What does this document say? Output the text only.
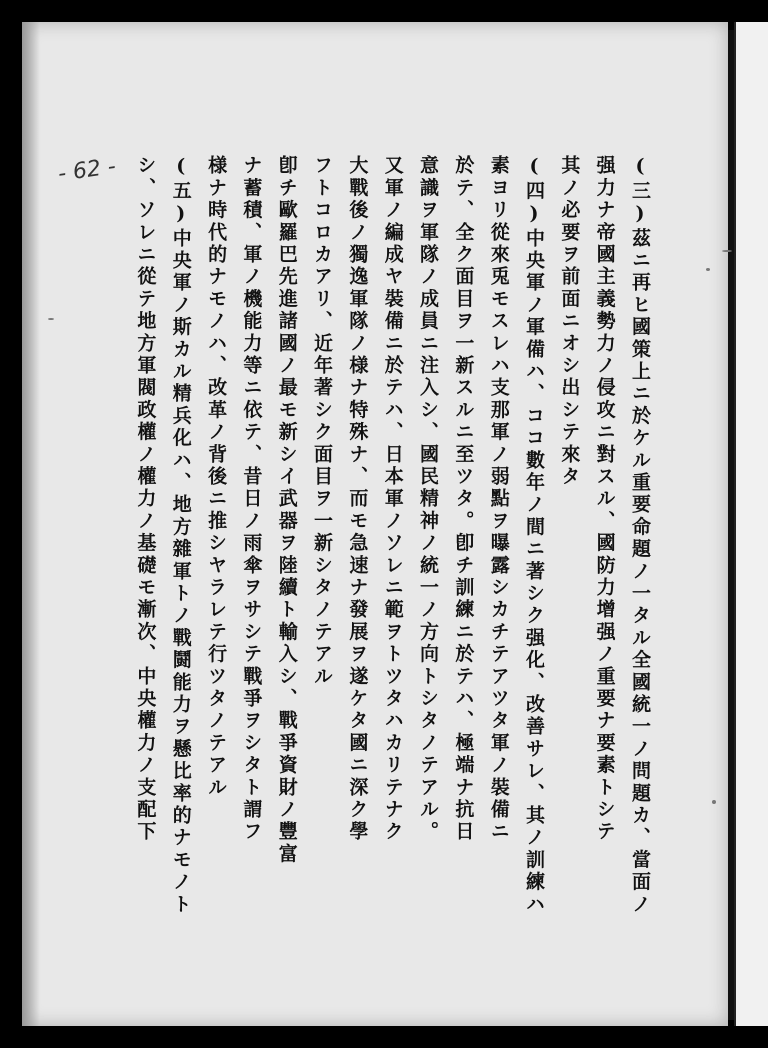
- 62 -	(三)茲ニ再ヒ國策上ニ於ケル重要命題ノ一タル全國統一ノ問題カ、當面ノ
强力ナ帝國主義勢力ノ侵攻ニ對スル、國防力增强ノ重要ナ要素トシテ
其ノ必要ヲ前面ニオシ出シテ來タ
(四)中央軍ノ軍備ハ、ココ數年ノ間ニ著シク强化、改善サレ、其ノ訓練ハ
素ヨリ從來兎モスレハ支那軍ノ弱點ヲ曝露シカチテアツタ軍ノ裝備ニ
於テ、全ク面目ヲ一新スルニ至ツタ。卽チ訓練ニ於テハ、極端ナ抗日
意識ヲ軍隊ノ成員ニ注入シ、國民精神ノ統一ノ方向トシタノテアル。
又軍ノ編成ヤ裝備ニ於テハ、日本軍ノソレニ範ヲトツタハカリテナク
大戰後ノ獨逸軍隊ノ様ナ特殊ナ、而モ急速ナ發展ヲ遂ケタ國ニ深ク學
フトコロカアリ、近年著シク面目ヲ一新シタノテアル
卽チ歐羅巴先進諸國ノ最モ新シイ武器ヲ陸續ト輸入シ、戰爭資財ノ豐富
ナ蓄積、軍ノ機能力等ニ依テ、昔日ノ雨傘ヲサシテ戰爭ヲシタト謂フ
様ナ時代的ナモノハ、改革ノ背後ニ推シヤラレテ行ツタノテアル
(五)中央軍ノ斯カル精兵化ハ、地方雜軍トノ戰鬪能力ヲ懸比率的ナモノト
シ、ソレニ從テ地方軍閥政權ノ權力ノ基礎モ漸次、中央權力ノ支配下
